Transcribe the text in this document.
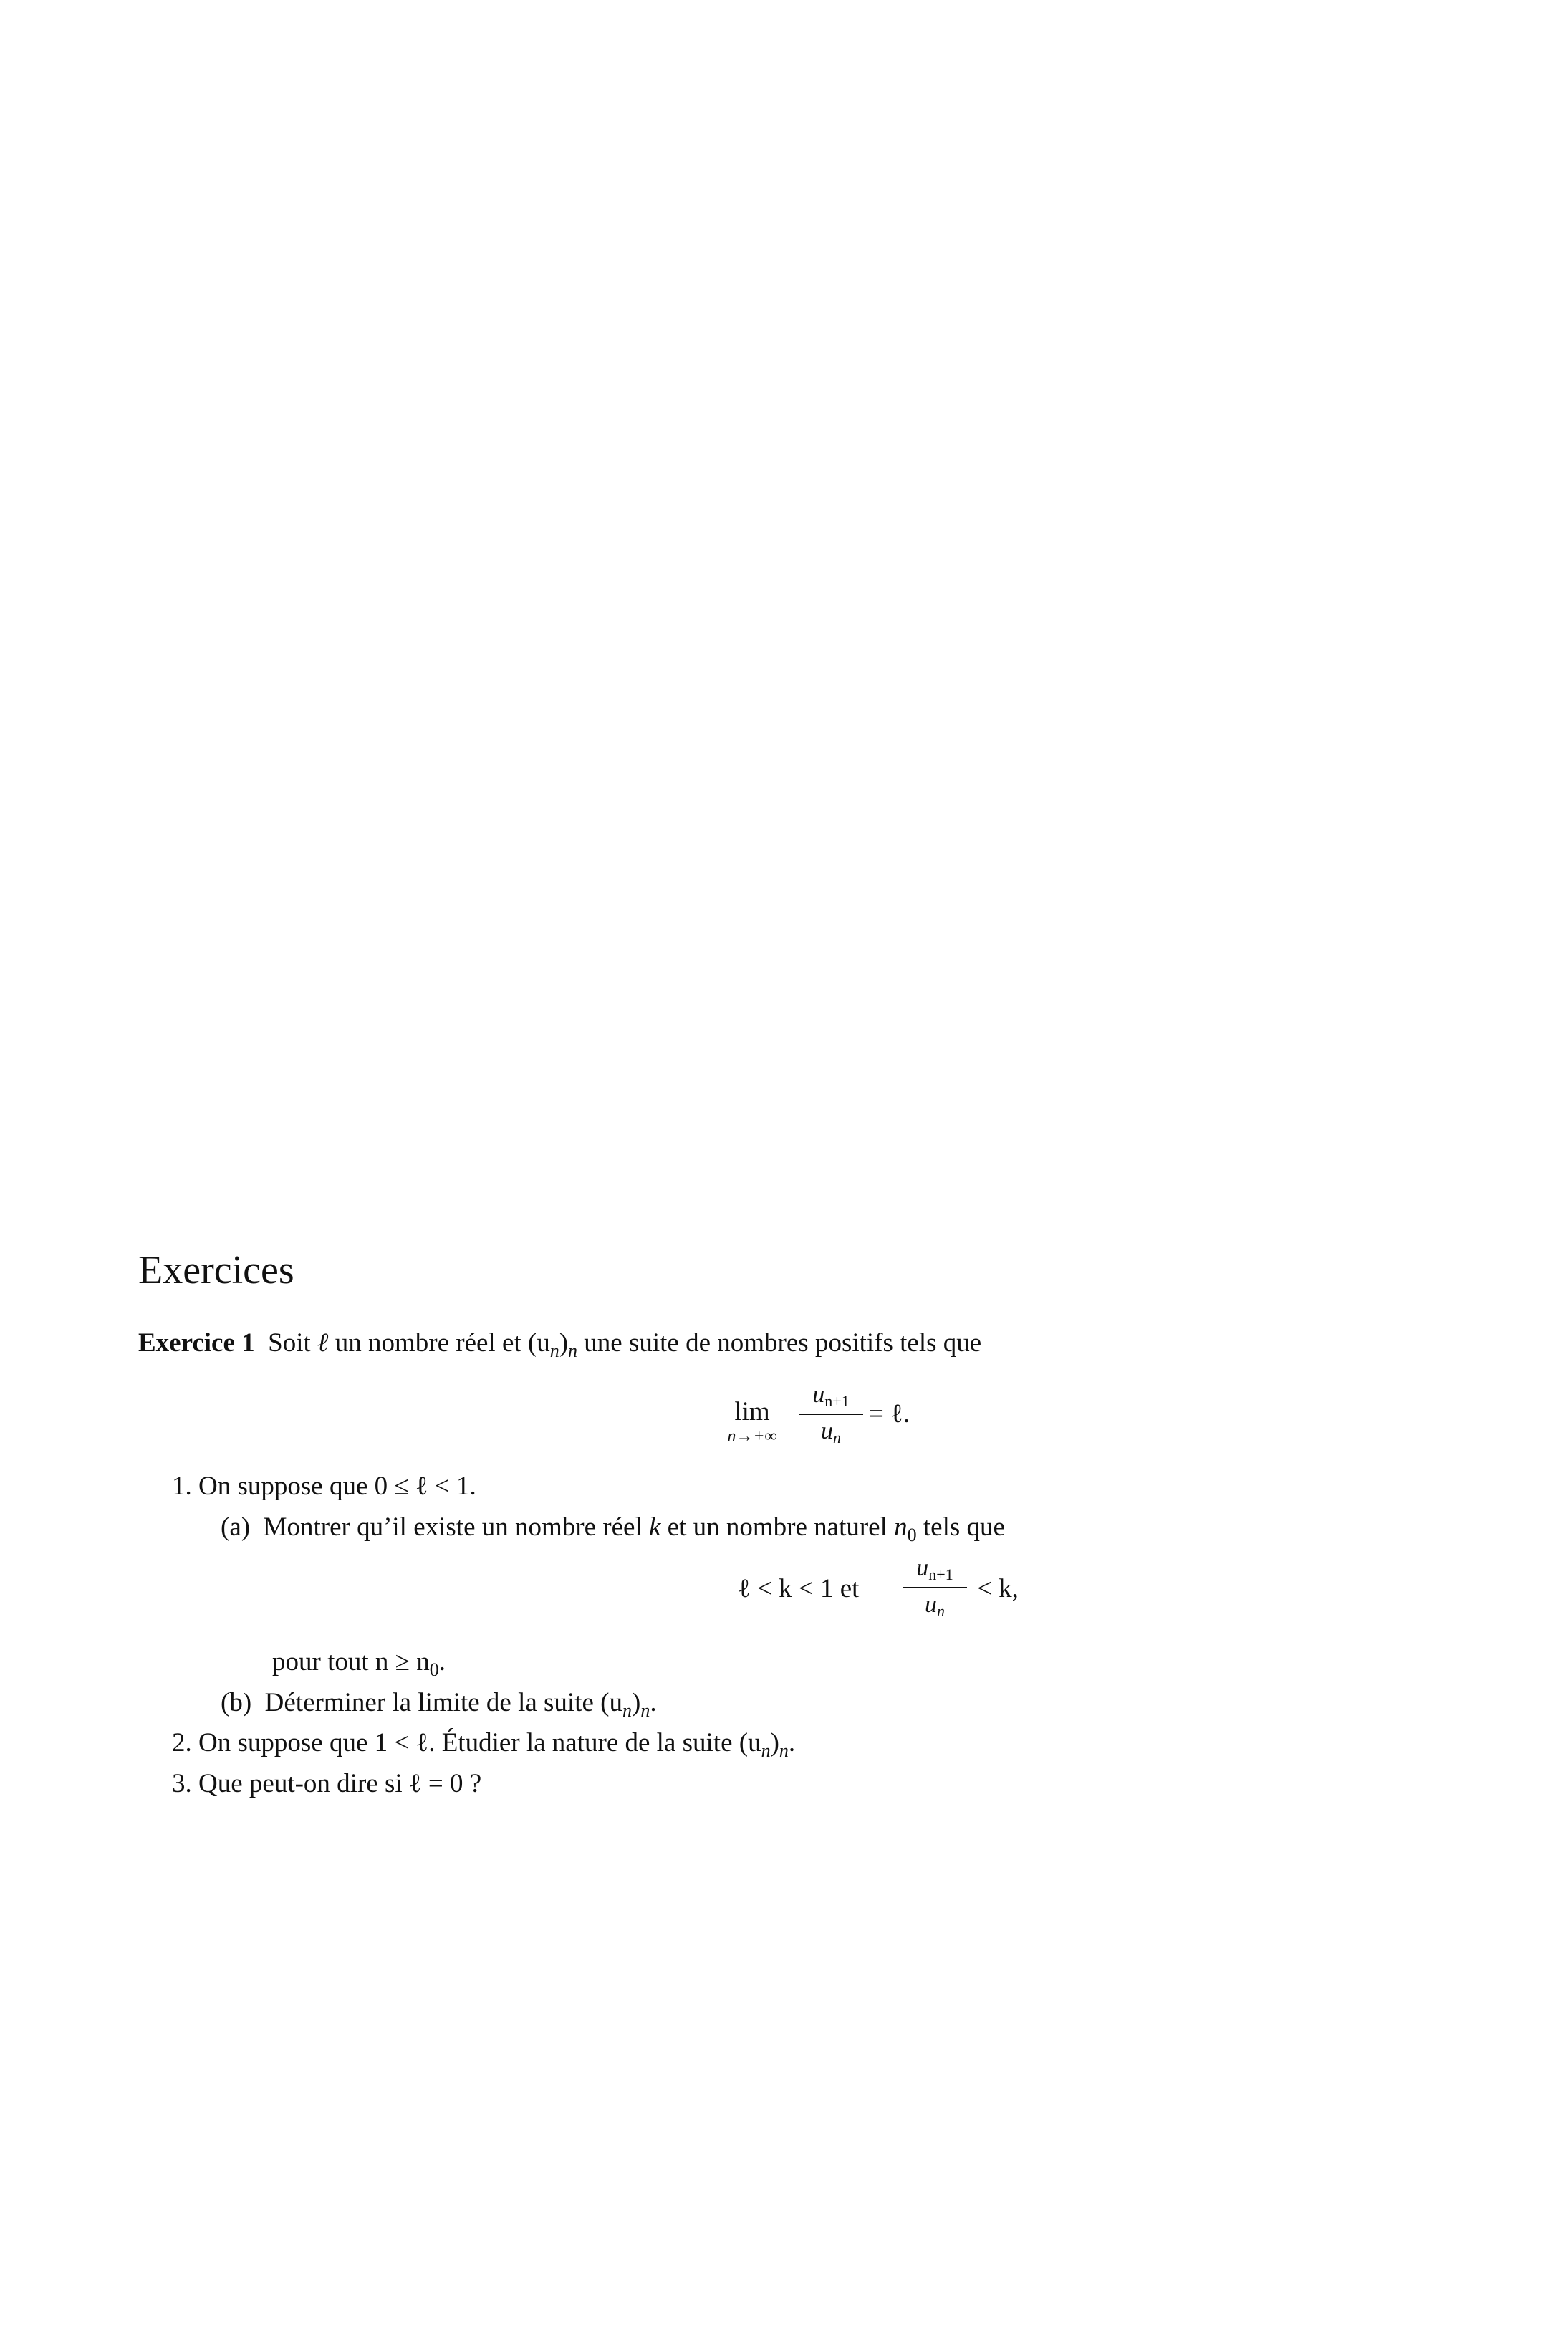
Exercices
Exercice 1 Soit ℓ un nombre réel et $(u_n)_n$ une suite de nombres positifs tels que
lim
n→+∞
un+1
un
= ℓ.
1. On suppose que 0 ≤ ℓ < 1.
(a) Montrer qu’il existe un nombre réel k et un nombre naturel $n_0$ tels que
ℓ < k < 1 et
un+1
un
< k,
pour tout $n \ge n_0$.
(b) Déterminer la limite de la suite $(u_n)_n$.
2. On suppose que 1 < ℓ. Étudier la nature de la suite $(u_n)_n$.
3. Que peut-on dire si ℓ = 0 ?
